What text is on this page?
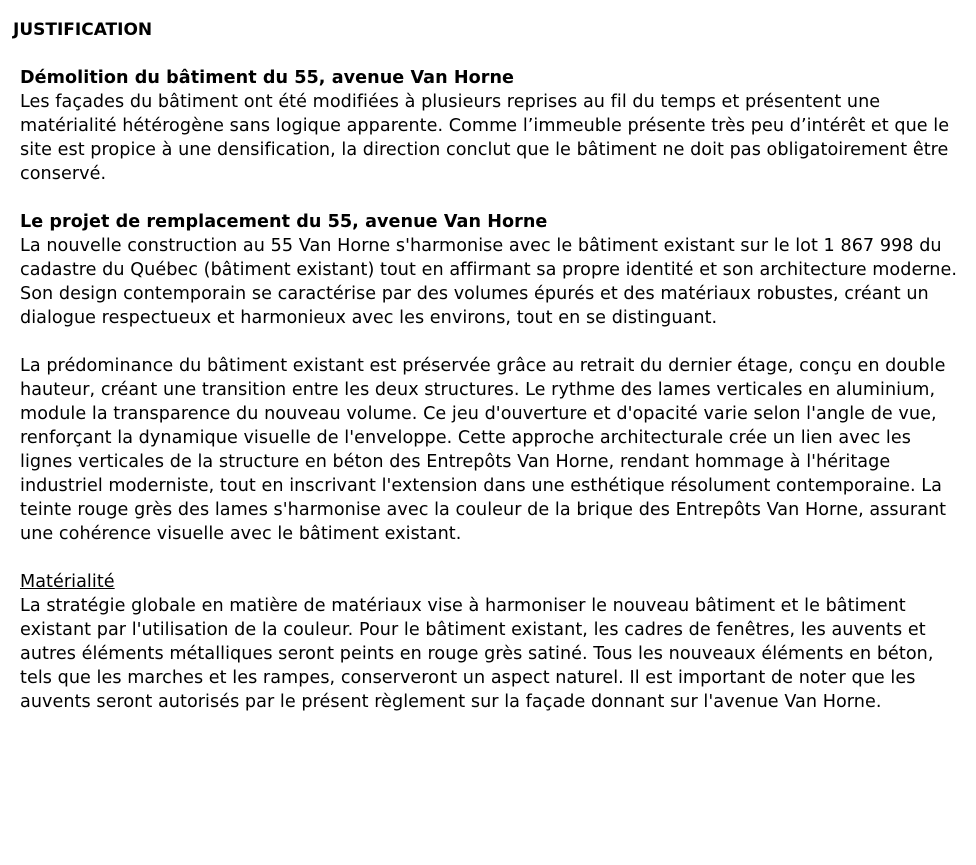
JUSTIFICATION

Démolition du bâtiment du 55, avenue Van Horne

Les façades du bâtiment ont été modifiées à plusieurs reprises au fil du temps et présentent une matérialité hétérogène sans logique apparente. Comme l’immeuble présente très peu d’intérêt et que le site est propice à une densification, la direction conclut que le bâtiment ne doit pas obligatoirement être conservé.

Le projet de remplacement du 55, avenue Van Horne

La nouvelle construction au 55 Van Horne s'harmonise avec le bâtiment existant sur le lot 1 867 998 du cadastre du Québec (bâtiment existant) tout en affirmant sa propre identité et son architecture moderne. Son design contemporain se caractérise par des volumes épurés et des matériaux robustes, créant un dialogue respectueux et harmonieux avec les environs, tout en se distinguant.

La prédominance du bâtiment existant est préservée grâce au retrait du dernier étage, conçu en double hauteur, créant une transition entre les deux structures. Le rythme des lames verticales en aluminium, module la transparence du nouveau volume. Ce jeu d'ouverture et d'opacité varie selon l'angle de vue, renforçant la dynamique visuelle de l'enveloppe. Cette approche architecturale crée un lien avec les lignes verticales de la structure en béton des Entrepôts Van Horne, rendant hommage à l'héritage industriel moderniste, tout en inscrivant l'extension dans une esthétique résolument contemporaine. La teinte rouge grès des lames s'harmonise avec la couleur de la brique des Entrepôts Van Horne, assurant une cohérence visuelle avec le bâtiment existant.

Matérialité

La stratégie globale en matière de matériaux vise à harmoniser le nouveau bâtiment et le bâtiment existant par l'utilisation de la couleur. Pour le bâtiment existant, les cadres de fenêtres, les auvents et autres éléments métalliques seront peints en rouge grès satiné. Tous les nouveaux éléments en béton, tels que les marches et les rampes, conserveront un aspect naturel. Il est important de noter que les auvents seront autorisés par le présent règlement sur la façade donnant sur l'avenue Van Horne.
